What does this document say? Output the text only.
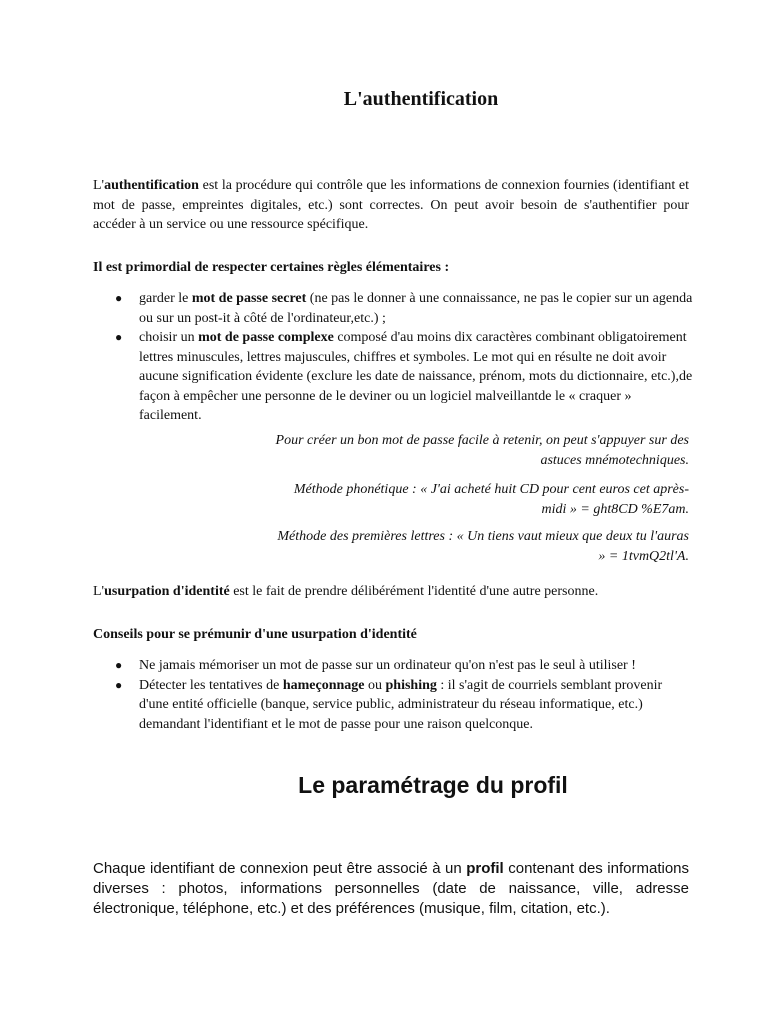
L'authentification

L'authentification est la procédure qui contrôle que les informations de connexion fournies (identifiant et mot de passe, empreintes digitales, etc.) sont correctes. On peut avoir besoin de s'authentifier pour accéder à un service ou une ressource spécifique.

Il est primordial de respecter certaines règles élémentaires :

● garder le mot de passe secret (ne pas le donner à une connaissance, ne pas le copier sur un agenda ou sur un post-it à côté de l'ordinateur,etc.) ;
● choisir un mot de passe complexe composé d'au moins dix caractères combinant obligatoirement lettres minuscules, lettres majuscules, chiffres et symboles. Le mot qui en résulte ne doit avoir aucune signification évidente (exclure les date de naissance, prénom, mots du dictionnaire, etc.),de façon à empêcher une personne de le deviner ou un logiciel malveillantde le « craquer » facilement.

Pour créer un bon mot de passe facile à retenir, on peut s'appuyer sur des astuces mnémotechniques.

Méthode phonétique : « J'ai acheté huit CD pour cent euros cet après-midi » = ght8CD %E7am.

Méthode des premières lettres : « Un tiens vaut mieux que deux tu l'auras » = 1tvmQ2tl'A.

L'usurpation d'identité est le fait de prendre délibérément l'identité d'une autre personne.

Conseils pour se prémunir d'une usurpation d'identité

● Ne jamais mémoriser un mot de passe sur un ordinateur qu'on n'est pas le seul à utiliser !
● Détecter les tentatives de hameçonnage ou phishing : il s'agit de courriels semblant provenir d'une entité officielle (banque, service public, administrateur du réseau informatique, etc.) demandant l'identifiant et le mot de passe pour une raison quelconque.
Le paramétrage du profil

Chaque identifiant de connexion peut être associé à un profil contenant des informations diverses : photos, informations personnelles (date de naissance, ville, adresse électronique, téléphone, etc.) et des préférences (musique, film, citation, etc.).
